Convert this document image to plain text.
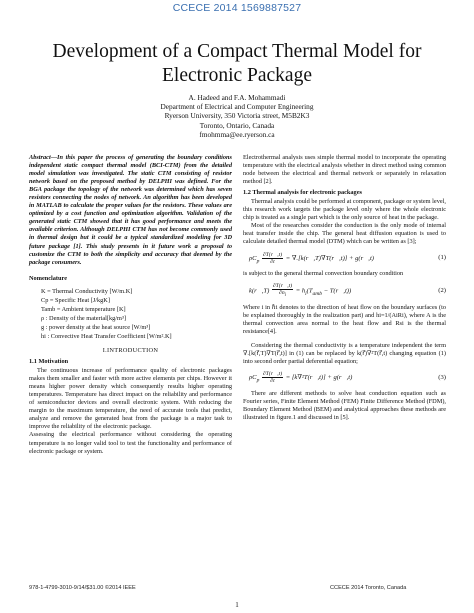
CCECE 2014 1569887527
Development of a Compact Thermal Model for
Electronic Package
A. Hadeed and F.A. Mohammadi
Department of Electrical and Computer Engineering
Ryerson University, 350 Victoria street, M5B2K3
Toronto, Ontario, Canada
fmohmma@ee.ryerson.ca

Abstract—In this paper the process of generating the boundary conditions independent static compact thermal model (BCI-CTM) from the detailed model simulation was investigated. The static CTM consisting of resistor network based on the proposed method by DELPHI was defined. For the BGA package the topology of the network was determined which has seven resistors connecting the nodes of network. An algorithm has been developed in MATLAB to calculate the proper values for the resistors. These values are optimized by a cost function and optimization algorithm. Validation of the generated static CTM showed that it has good performance and meets the available criterion. Although DELPHI CTM has not become commonly used in thermal design but it could be a typical standardized modeling for 3D future package [1]. This study presents in it future work a proposal to customize the CTM to both the simplicity and accuracy that deemed by the package consumers.

Nomenclature

K = Thermal Conductivity [W/m.K]

Cp = Specific Heat [J/kgK]

Tamb = Ambient temperature [K]

ρ : Density of the material[kg/m³]

g : power density at the heat source [W/m³]

hi : Convective Heat Transfer Coefficient [W/m².K]

I.INTRODUCTION

1.1 Motivation

The continuous increase of performance quality of electronic packages makes them smaller and faster with more active elements per chips. However it means higher power density which consequently results higher operating temperatures. Temperature has direct impact on the reliability and performance of semiconductor devices and overall electronic system. With reducing the margin to the maximum temperature, the need of accurate tools that predict, analyze and remove the generated heat from the package is a major task to improve the reliability of the electronic package.

Assessing the electrical performance without considering the operating temperature is no longer valid tool to test the functionality and performance of electronic package or system.

Electrothermal analysis uses simple thermal model to incorporate the operating temperature with the electrical analysis whether in direct method using common node between the electrical and thermal network or separately in relaxation method [2].

1.2 Thermal analysis for electronic packages

Thermal analysis could be performed at component, package or system level, this research work targets the package level only where the whole electronic chip is treated as a single part which is the only source of heat in the package.

Most of the researches consider the conduction is the only mode of internal heat transfer inside the chip. The general heat diffusion equation is used to calculate detailed thermal model (DTM) which can be written as [3];

$\rho C_p \frac{\partial T(r⃗,t)}{\partial t}$ = ∇.[k(r⃗,T)∇T(r⃗,t)] + g(r⃗,t)	(1)

is subject to the general thermal convection boundary condition

k(r⃗,T) $\frac{\partial T(r⃗,t)}{\partial n_i} = h_i(T_{amb}$ − T(r⃗,t))	(2)

Where i in ℏi denotes to the direction of heat flow on the boundary surfaces (to be explained thoroughly in the realization part) and hi=1/(AiRi), where A is the thermal convection area normal to the heat flow and Rsi is the thermal resistance[4].

Considering the thermal conductivity is a temperature independent the term ∇.[k(r⃗,T)∇T(r⃗,t)] in (1) can be replaced by k(r⃗)∇²T(r⃗,t) changing equation (1) into second order partial deferential equation;

$\rho C_p \frac{\partial T(r⃗,t)}{\partial t}$ = [k∇²T(r⃗,t)] + g(r⃗,t)	(3)

There are different methods to solve heat conduction equation such as Fourier series, Finite Element Method (FEM) Finite Difference Method (FDM), Boundary Element Method (BEM) and analytical approaches these methods are illustrated in figure.1 and discussed in [5].

978-1-4799-3010-9/14/$31.00 ©2014 IEEE	CCECE 2014 Toronto, Canada
1
